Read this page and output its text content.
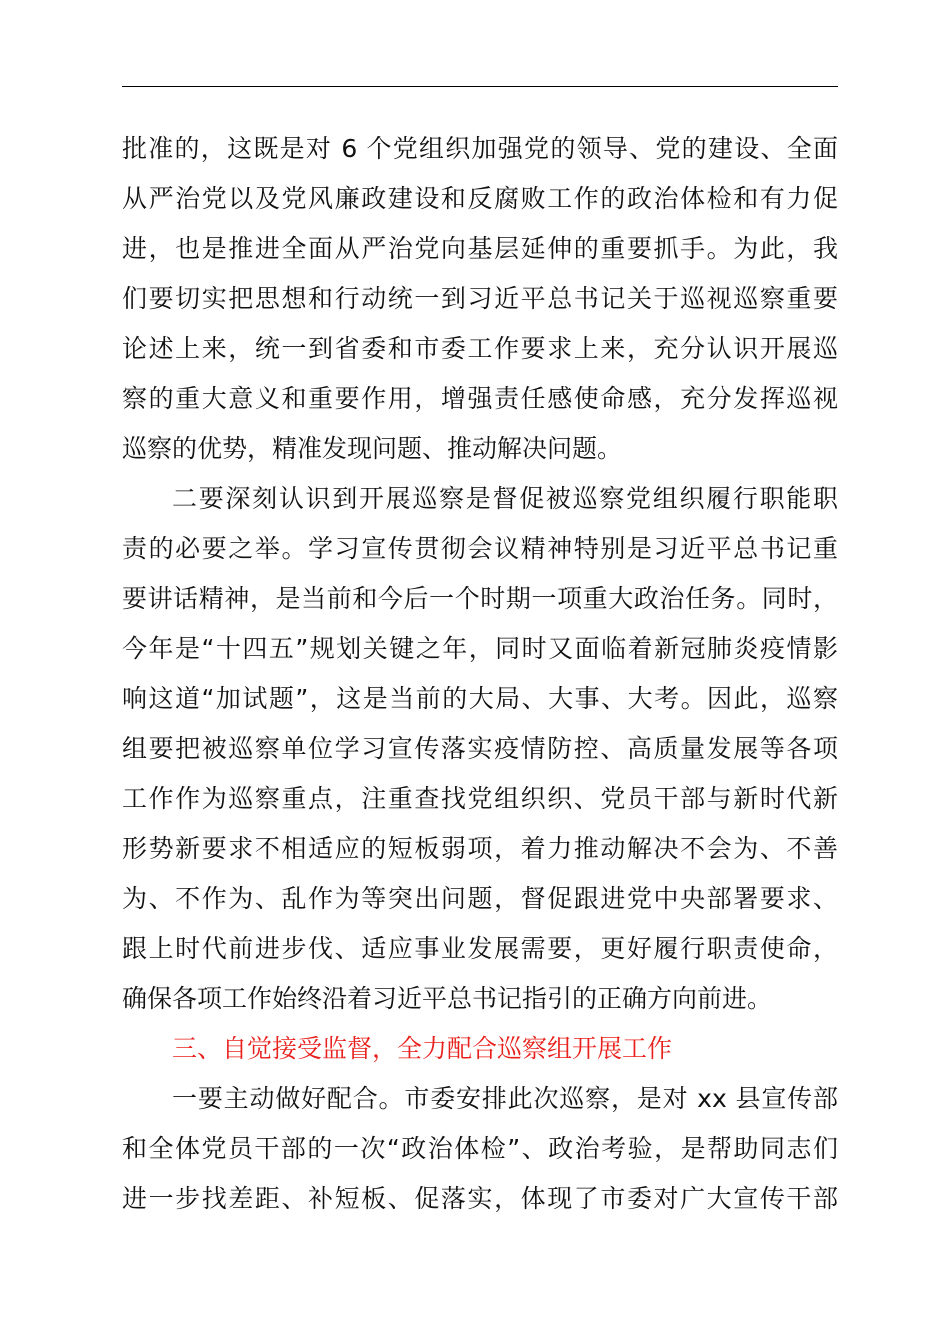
批准的，这既是对 6 个党组织加强党的领导、党的建设、全面
从严治党以及党风廉政建设和反腐败工作的政治体检和有力促
进，也是推进全面从严治党向基层延伸的重要抓手。为此，我
们要切实把思想和行动统一到习近平总书记关于巡视巡察重要
论述上来，统一到省委和市委工作要求上来，充分认识开展巡
察的重大意义和重要作用，增强责任感使命感，充分发挥巡视
巡察的优势，精准发现问题、推动解决问题。
二要深刻认识到开展巡察是督促被巡察党组织履行职能职
责的必要之举。学习宣传贯彻会议精神特别是习近平总书记重
要讲话精神，是当前和今后一个时期一项重大政治任务。同时，
今年是“十四五”规划关键之年，同时又面临着新冠肺炎疫情影
响这道“加试题”，这是当前的大局、大事、大考。因此，巡察
组要把被巡察单位学习宣传落实疫情防控、高质量发展等各项
工作作为巡察重点，注重查找党组织织、党员干部与新时代新
形势新要求不相适应的短板弱项，着力推动解决不会为、不善
为、不作为、乱作为等突出问题，督促跟进党中央部署要求、
跟上时代前进步伐、适应事业发展需要，更好履行职责使命，
确保各项工作始终沿着习近平总书记指引的正确方向前进。
三、自觉接受监督，全力配合巡察组开展工作
一要主动做好配合。市委安排此次巡察，是对 xx 县宣传部
和全体党员干部的一次“政治体检”、政治考验，是帮助同志们
进一步找差距、补短板、促落实，体现了市委对广大宣传干部
